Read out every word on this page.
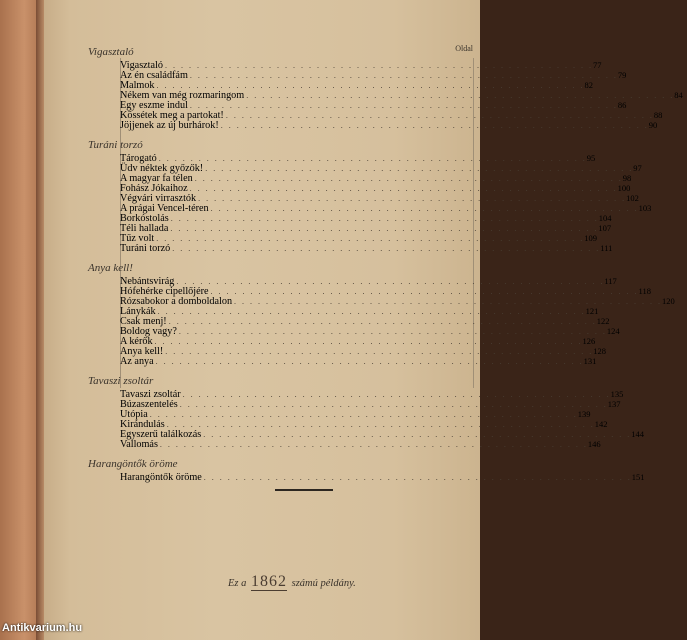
Vigasztaló	Oldal
Vigasztaló . . . . . . . . . . . . . . . . . . . . . . . . . . . . . . . . . . . . . . . . . . . . . . . . . . . . . . 77
Az én családfám . . . . . . . . . . . . . . . . . . . . . . . . . . . . . . . . . . . . . . . . . . . . . . . . . . . . . . 79
Malmok . . . . . . . . . . . . . . . . . . . . . . . . . . . . . . . . . . . . . . . . . . . . . . . . . . . . . . 82
Nékem van még rozmaringom . . . . . . . . . . . . . . . . . . . . . . . . . . . . . . . . . . . . . . . . . . . . . . . . . . . . . . 84
Egy eszme indul . . . . . . . . . . . . . . . . . . . . . . . . . . . . . . . . . . . . . . . . . . . . . . . . . . . . . . 86
Kössétek meg a partokat! . . . . . . . . . . . . . . . . . . . . . . . . . . . . . . . . . . . . . . . . . . . . . . . . . . . . . . 88
Jöjjenek az új burhárok! . . . . . . . . . . . . . . . . . . . . . . . . . . . . . . . . . . . . . . . . . . . . . . . . . . . . . . 90
Turáni torzó
Tárogató . . . . . . . . . . . . . . . . . . . . . . . . . . . . . . . . . . . . . . . . . . . . . . . . . . . . . . 95
Üdv néktek győzők! . . . . . . . . . . . . . . . . . . . . . . . . . . . . . . . . . . . . . . . . . . . . . . . . . . . . . . 97
A magyar fa télen . . . . . . . . . . . . . . . . . . . . . . . . . . . . . . . . . . . . . . . . . . . . . . . . . . . . . . 98
Fohász Jókaihoz . . . . . . . . . . . . . . . . . . . . . . . . . . . . . . . . . . . . . . . . . . . . . . . . . . . . . . 100
Végvári virrasztók . . . . . . . . . . . . . . . . . . . . . . . . . . . . . . . . . . . . . . . . . . . . . . . . . . . . . . 102
A prágai Vencel-téren . . . . . . . . . . . . . . . . . . . . . . . . . . . . . . . . . . . . . . . . . . . . . . . . . . . . . . 103
Borkóstolás . . . . . . . . . . . . . . . . . . . . . . . . . . . . . . . . . . . . . . . . . . . . . . . . . . . . . . 104
Téli hallada . . . . . . . . . . . . . . . . . . . . . . . . . . . . . . . . . . . . . . . . . . . . . . . . . . . . . . 107
Tűz volt . . . . . . . . . . . . . . . . . . . . . . . . . . . . . . . . . . . . . . . . . . . . . . . . . . . . . . 109
Turáni torzó . . . . . . . . . . . . . . . . . . . . . . . . . . . . . . . . . . . . . . . . . . . . . . . . . . . . . . 111
Anya kell!
Nebántsvirág . . . . . . . . . . . . . . . . . . . . . . . . . . . . . . . . . . . . . . . . . . . . . . . . . . . . . . 117
Hófehérke cipellőjére . . . . . . . . . . . . . . . . . . . . . . . . . . . . . . . . . . . . . . . . . . . . . . . . . . . . . . 118
Rózsabokor a domboldalon . . . . . . . . . . . . . . . . . . . . . . . . . . . . . . . . . . . . . . . . . . . . . . . . . . . . . . 120
Lánykák . . . . . . . . . . . . . . . . . . . . . . . . . . . . . . . . . . . . . . . . . . . . . . . . . . . . . . 121
Csak menj! . . . . . . . . . . . . . . . . . . . . . . . . . . . . . . . . . . . . . . . . . . . . . . . . . . . . . . 122
Boldog vagy? . . . . . . . . . . . . . . . . . . . . . . . . . . . . . . . . . . . . . . . . . . . . . . . . . . . . . . 124
A kérők . . . . . . . . . . . . . . . . . . . . . . . . . . . . . . . . . . . . . . . . . . . . . . . . . . . . . . 126
Anya kell! . . . . . . . . . . . . . . . . . . . . . . . . . . . . . . . . . . . . . . . . . . . . . . . . . . . . . . 128
Az anya . . . . . . . . . . . . . . . . . . . . . . . . . . . . . . . . . . . . . . . . . . . . . . . . . . . . . . 131
Tavaszi zsoltár
Tavaszi zsoltár . . . . . . . . . . . . . . . . . . . . . . . . . . . . . . . . . . . . . . . . . . . . . . . . . . . . . . 135
Búzaszentelés . . . . . . . . . . . . . . . . . . . . . . . . . . . . . . . . . . . . . . . . . . . . . . . . . . . . . . 137
Utópia . . . . . . . . . . . . . . . . . . . . . . . . . . . . . . . . . . . . . . . . . . . . . . . . . . . . . . 139
Kirándulás . . . . . . . . . . . . . . . . . . . . . . . . . . . . . . . . . . . . . . . . . . . . . . . . . . . . . . 142
Egyszerű találkozás . . . . . . . . . . . . . . . . . . . . . . . . . . . . . . . . . . . . . . . . . . . . . . . . . . . . . . 144
Vallomás . . . . . . . . . . . . . . . . . . . . . . . . . . . . . . . . . . . . . . . . . . . . . . . . . . . . . . 146
Harangöntők öröme
Harangöntők öröme . . . . . . . . . . . . . . . . . . . . . . . . . . . . . . . . . . . . . . . . . . . . . . . . . . . . . . 151
Ez a 1862 számú példány.
Antikvarium.hu
